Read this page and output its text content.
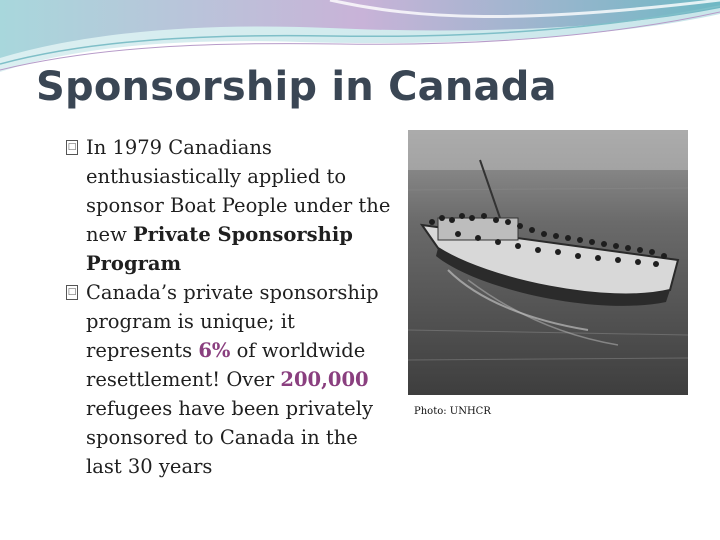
Sponsorship in Canada
□ In 1979 Canadians enthusiastically applied to sponsor Boat People under the new Private Sponsorship Program
□ Canada’s private sponsorship program is unique; it represents 6% of worldwide resettlement! Over 200,000 refugees have been privately sponsored to Canada in the last 30 years
Photo: UNHCR
